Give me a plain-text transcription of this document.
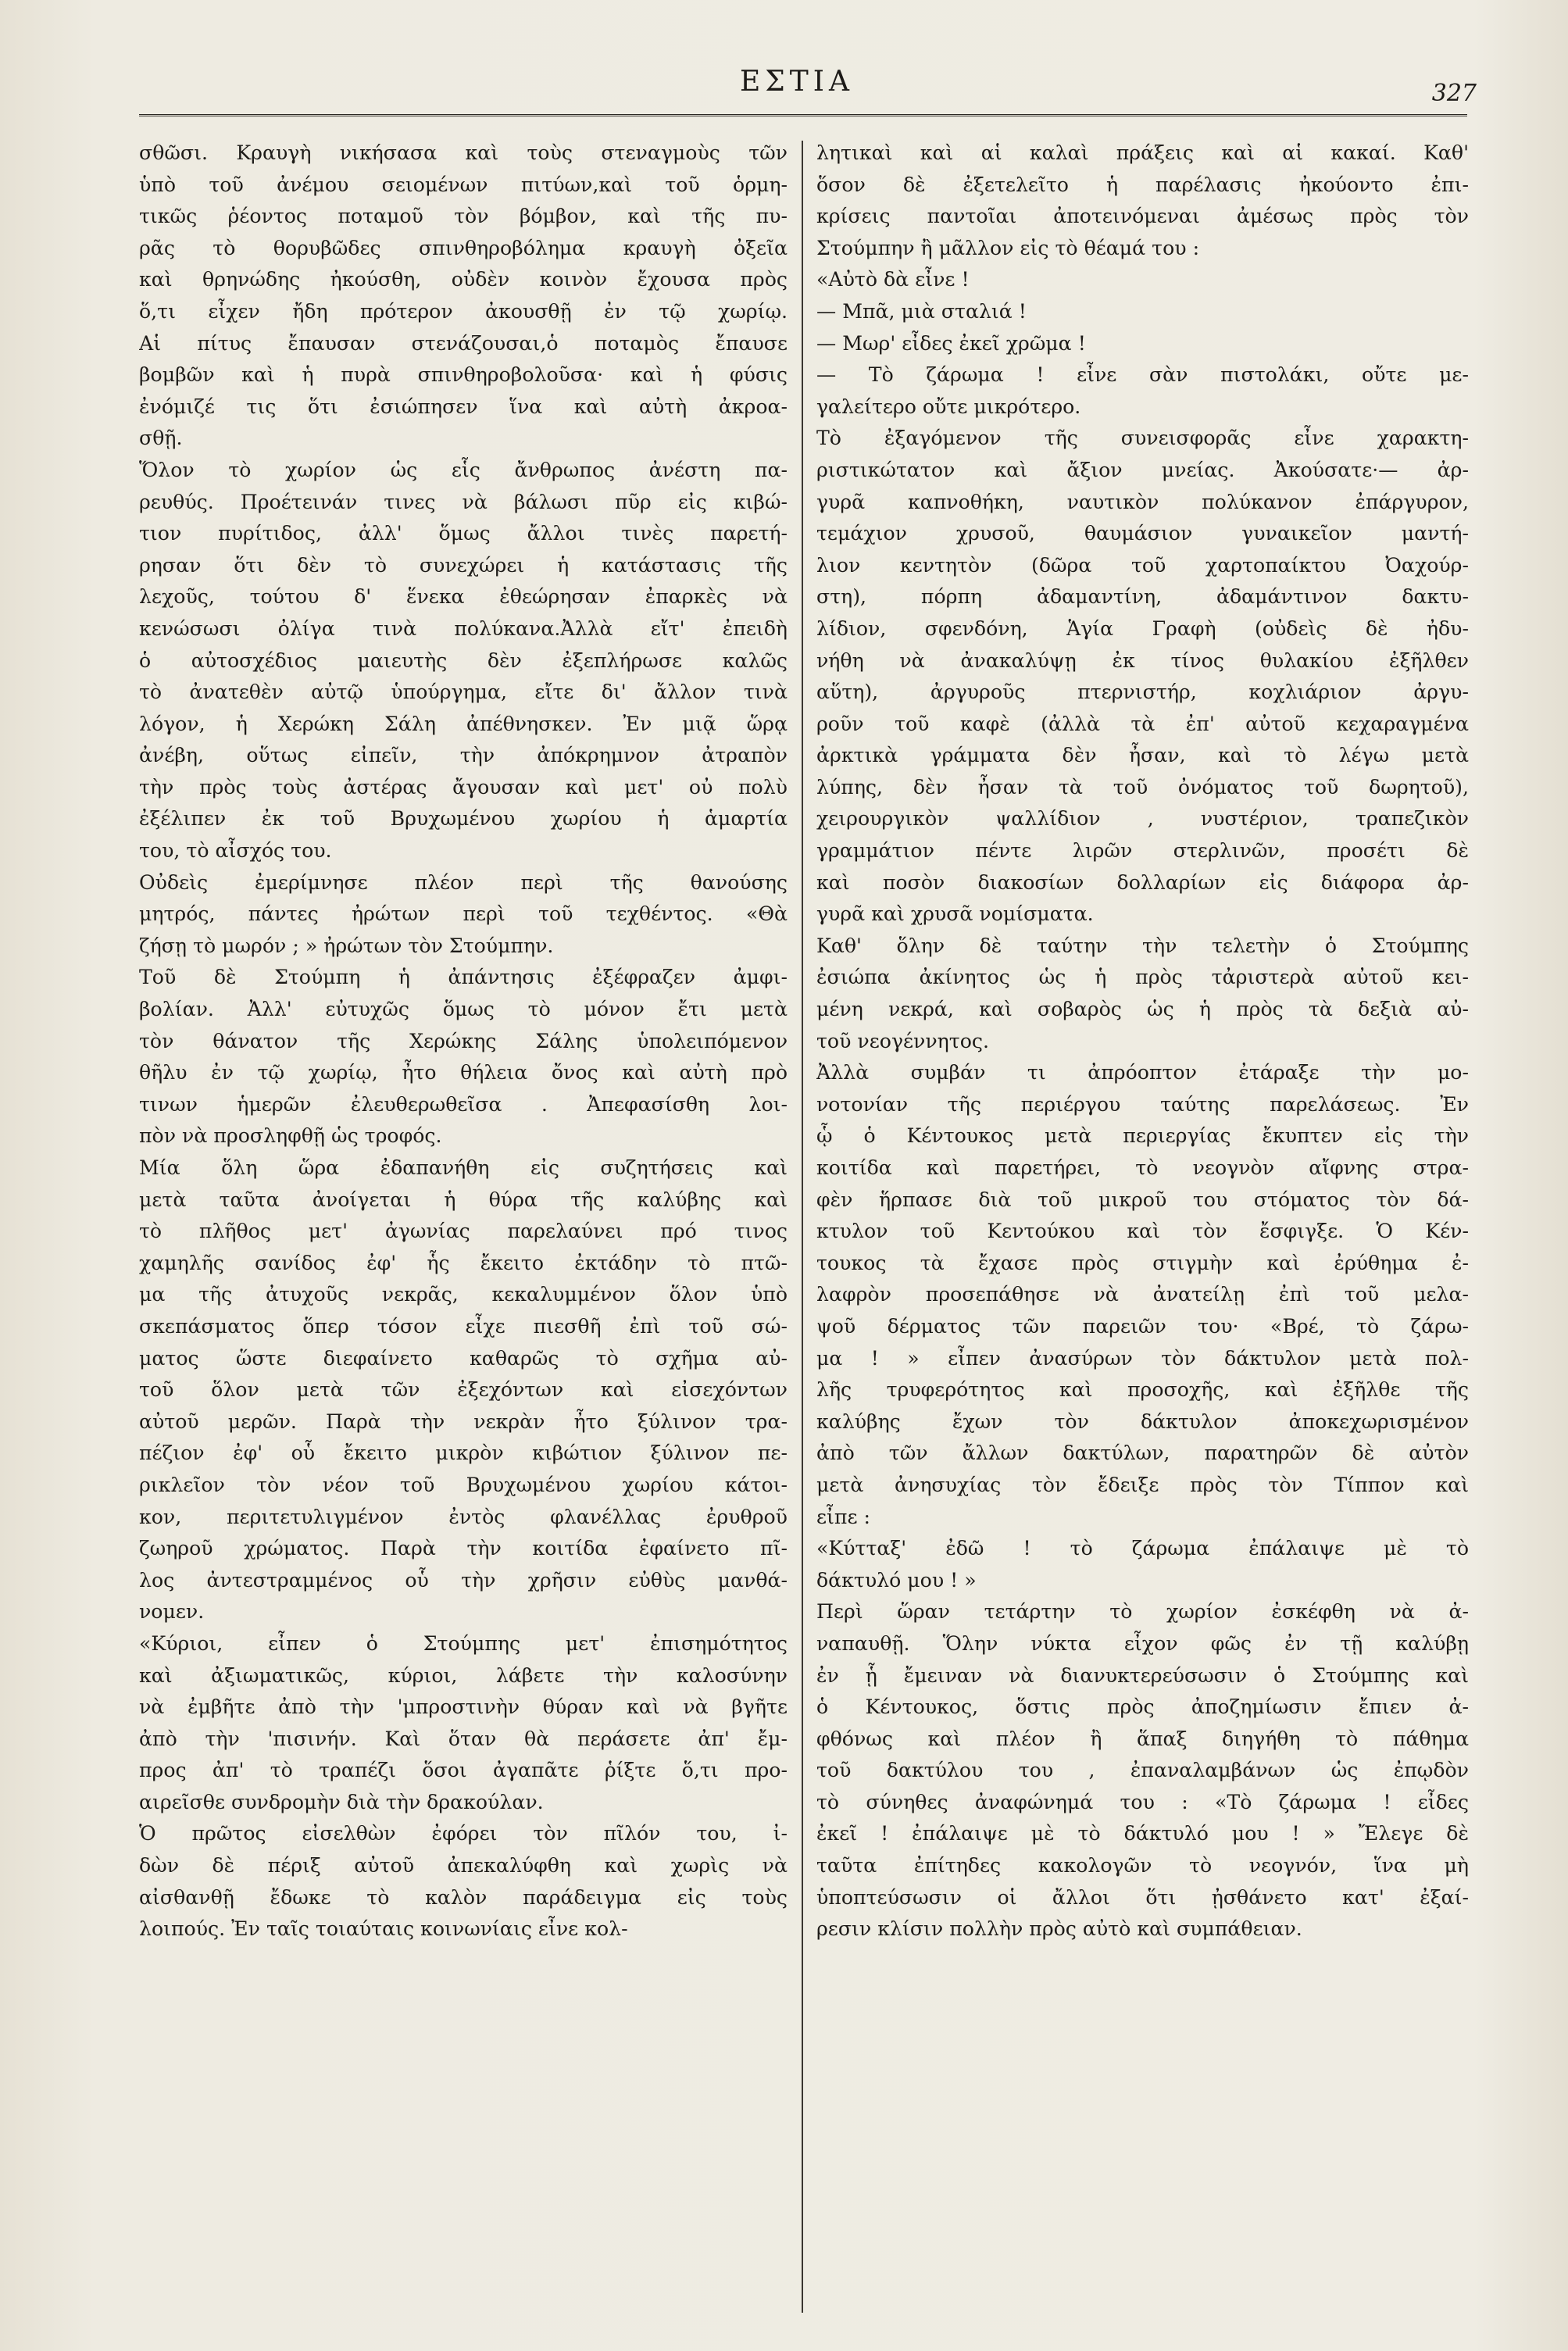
ΕΣΤΙΑ	327
σθῶσι. Κραυγὴ νικήσασα καὶ τοὺς στεναγμοὺς τῶν
ὑπὸ τοῦ ἀνέμου σειομένων πιτύων,καὶ τοῦ ὁρμη-
τικῶς ῥέοντος ποταμοῦ τὸν βόμβον, καὶ τῆς πυ-
ρᾶς τὸ θορυβῶδες σπινθηροβόλημα κραυγὴ ὀξεῖα
καὶ θρηνώδης ἠκούσθη, οὐδὲν κοινὸν ἔχουσα πρὸς
ὅ,τι εἶχεν ἤδη πρότερον ἀκουσθῇ ἐν τῷ χωρίῳ.
Αἱ πίτυς ἔπαυσαν στενάζουσαι,ὁ ποταμὸς ἔπαυσε
βομβῶν καὶ ἡ πυρὰ σπινθηροβολοῦσα· καὶ ἡ φύσις
ἐνόμιζέ τις ὅτι ἐσιώπησεν ἵνα καὶ αὐτὴ ἀκροα-
σθῇ.
Ὅλον τὸ χωρίον ὡς εἷς ἄνθρωπος ἀνέστη πα-
ρευθύς. Προέτεινάν τινες νὰ βάλωσι πῦρ εἰς κιβώ-
τιον πυρίτιδος, ἀλλ' ὅμως ἄλλοι τινὲς παρετή-
ρησαν ὅτι δὲν τὸ συνεχώρει ἡ κατάστασις τῆς
λεχοῦς, τούτου δ' ἕνεκα ἐθεώρησαν ἐπαρκὲς νὰ
κενώσωσι ὀλίγα τινὰ πολύκανα.Ἀλλὰ εἴτ' ἐπειδὴ
ὁ αὐτοσχέδιος μαιευτὴς δὲν ἐξεπλήρωσε καλῶς
τὸ ἀνατεθὲν αὐτῷ ὑπούργημα, εἴτε δι' ἄλλον τινὰ
λόγον, ἡ Χερώκη Σάλη ἀπέθνησκεν. Ἐν μιᾷ ὥρᾳ
ἀνέβη, οὕτως εἰπεῖν, τὴν ἀπόκρημνον ἀτραπὸν
τὴν πρὸς τοὺς ἀστέρας ἄγουσαν καὶ μετ' οὐ πολὺ
ἐξέλιπεν ἐκ τοῦ Βρυχωμένου χωρίου ἡ ἁμαρτία
του, τὸ αἶσχός του.
Οὐδεὶς ἐμερίμνησε πλέον περὶ τῆς θανούσης
μητρός, πάντες ἠρώτων περὶ τοῦ τεχθέντος. «Θὰ
ζήσῃ τὸ μωρόν ; » ἠρώτων τὸν Στούμπην.
Τοῦ δὲ Στούμπη ἡ ἀπάντησις ἐξέφραζεν ἀμφι-
βολίαν. Ἀλλ' εὐτυχῶς ὅμως τὸ μόνον ἔτι μετὰ
τὸν θάνατον τῆς Χερώκης Σάλης ὑπολειπόμενον
θῆλυ ἐν τῷ χωρίῳ, ἦτο θήλεια ὄνος καὶ αὐτὴ πρὸ
τινων ἡμερῶν ἐλευθερωθεῖσα . Ἀπεφασίσθη λοι-
πὸν νὰ προσληφθῇ ὡς τροφός.
Μία ὅλη ὥρα ἐδαπανήθη εἰς συζητήσεις καὶ
μετὰ ταῦτα ἀνοίγεται ἡ θύρα τῆς καλύβης καὶ
τὸ πλῆθος μετ' ἀγωνίας παρελαύνει πρό τινος
χαμηλῆς σανίδος ἐφ' ἧς ἔκειτο ἐκτάδην τὸ πτῶ-
μα τῆς ἀτυχοῦς νεκρᾶς, κεκαλυμμένον ὅλον ὑπὸ
σκεπάσματος ὅπερ τόσον εἶχε πιεσθῆ ἐπὶ τοῦ σώ-
ματος ὥστε διεφαίνετο καθαρῶς τὸ σχῆμα αὐ-
τοῦ ὅλον μετὰ τῶν ἐξεχόντων καὶ εἰσεχόντων
αὐτοῦ μερῶν. Παρὰ τὴν νεκρὰν ἦτο ξύλινον τρα-
πέζιον ἐφ' οὗ ἔκειτο μικρὸν κιβώτιον ξύλινον πε-
ρικλεῖον τὸν νέον τοῦ Βρυχωμένου χωρίου κάτοι-
κον, περιτετυλιγμένον ἐντὸς φλανέλλας ἐρυθροῦ
ζωηροῦ χρώματος. Παρὰ τὴν κοιτίδα ἐφαίνετο πῖ-
λος ἀντεστραμμένος οὗ τὴν χρῆσιν εὐθὺς μανθά-
νομεν.
«Κύριοι, εἶπεν ὁ Στούμπης μετ' ἐπισημότητος
καὶ ἀξιωματικῶς, κύριοι, λάβετε τὴν καλοσύνην
νὰ ἐμβῆτε ἀπὸ τὴν 'μπροστινὴν θύραν καὶ νὰ βγῆτε
ἀπὸ τὴν 'πισινήν. Καὶ ὅταν θὰ περάσετε ἀπ' ἔμ-
προς ἀπ' τὸ τραπέζι ὅσοι ἀγαπᾶτε ῥίξτε ὅ,τι προ-
αιρεῖσθε συνδρομὴν διὰ τὴν δρακούλαν.
Ὁ πρῶτος εἰσελθὼν ἐφόρει τὸν πῖλόν του, ἰ-
δὼν δὲ πέριξ αὐτοῦ ἀπεκαλύφθη καὶ χωρὶς νὰ
αἰσθανθῇ ἔδωκε τὸ καλὸν παράδειγμα εἰς τοὺς
λοιπούς. Ἐν ταῖς τοιαύταις κοινωνίαις εἶνε κολ-
λητικαὶ καὶ αἱ καλαὶ πράξεις καὶ αἱ κακαί. Καθ'
ὅσον δὲ ἐξετελεῖτο ἡ παρέλασις ἠκούοντο ἐπι-
κρίσεις παντοῖαι ἀποτεινόμεναι ἀμέσως πρὸς τὸν
Στούμπην ἢ μᾶλλον εἰς τὸ θέαμά του :
«Αὐτὸ δὰ εἶνε !
— Μπᾶ, μιὰ σταλιά !
— Μωρ' εἶδες ἐκεῖ χρῶμα !
— Τὸ ζάρωμα ! εἶνε σὰν πιστολάκι, οὔτε με-
γαλείτερο οὔτε μικρότερο.
Τὸ ἐξαγόμενον τῆς συνεισφορᾶς εἶνε χαρακτη-
ριστικώτατον καὶ ἄξιον μνείας. Ἀκούσατε·— ἀρ-
γυρᾶ καπνοθήκη, ναυτικὸν πολύκανον ἐπάργυρον,
τεμάχιον χρυσοῦ, θαυμάσιον γυναικεῖον μαντή-
λιον κεντητὸν (δῶρα τοῦ χαρτοπαίκτου Ὀαχούρ-
στη), πόρπη ἀδαμαντίνη, ἀδαμάντινον δακτυ-
λίδιον, σφενδόνη, Ἁγία Γραφὴ (οὐδεὶς δὲ ἠδυ-
νήθη νὰ ἀνακαλύψῃ ἐκ τίνος θυλακίου ἐξῆλθεν
αὕτη), ἀργυροῦς πτερνιστήρ, κοχλιάριον ἀργυ-
ροῦν τοῦ καφὲ (ἀλλὰ τὰ ἐπ' αὐτοῦ κεχαραγμένα
ἀρκτικὰ γράμματα δὲν ἦσαν, καὶ τὸ λέγω μετὰ
λύπης, δὲν ἦσαν τὰ τοῦ ὀνόματος τοῦ δωρητοῦ),
χειρουργικὸν ψαλλίδιον , νυστέριον, τραπεζικὸν
γραμμάτιον πέντε λιρῶν στερλινῶν, προσέτι δὲ
καὶ ποσὸν διακοσίων δολλαρίων εἰς διάφορα ἀρ-
γυρᾶ καὶ χρυσᾶ νομίσματα.
Καθ' ὅλην δὲ ταύτην τὴν τελετὴν ὁ Στούμπης
ἐσιώπα ἀκίνητος ὡς ἡ πρὸς τἀριστερὰ αὐτοῦ κει-
μένη νεκρά, καὶ σοβαρὸς ὡς ἡ πρὸς τὰ δεξιὰ αὐ-
τοῦ νεογέννητος.
Ἀλλὰ συμβάν τι ἀπρόοπτον ἐτάραξε τὴν μο-
νοτονίαν τῆς περιέργου ταύτης παρελάσεως. Ἐν
ᾧ ὁ Κέντουκος μετὰ περιεργίας ἔκυπτεν εἰς τὴν
κοιτίδα καὶ παρετήρει, τὸ νεογνὸν αἴφνης στρα-
φὲν ἥρπασε διὰ τοῦ μικροῦ του στόματος τὸν δά-
κτυλον τοῦ Κεντούκου καὶ τὸν ἔσφιγξε. Ὁ Κέν-
τουκος τὰ ἔχασε πρὸς στιγμὴν καὶ ἐρύθημα ἐ-
λαφρὸν προσεπάθησε νὰ ἀνατείλῃ ἐπὶ τοῦ μελα-
ψοῦ δέρματος τῶν παρειῶν του· «Βρέ, τὸ ζάρω-
μα ! » εἶπεν ἀνασύρων τὸν δάκτυλον μετὰ πολ-
λῆς τρυφερότητος καὶ προσοχῆς, καὶ ἐξῆλθε τῆς
καλύβης ἔχων τὸν δάκτυλον ἀποκεχωρισμένον
ἀπὸ τῶν ἄλλων δακτύλων, παρατηρῶν δὲ αὐτὸν
μετὰ ἀνησυχίας τὸν ἔδειξε πρὸς τὸν Τίππον καὶ
εἶπε :
«Κύτταξ' ἐδῶ ! τὸ ζάρωμα ἐπάλαιψε μὲ τὸ
δάκτυλό μου ! »
Περὶ ὥραν τετάρτην τὸ χωρίον ἐσκέφθη νὰ ἀ-
ναπαυθῇ. Ὅλην νύκτα εἶχον φῶς ἐν τῇ καλύβῃ
ἐν ᾗ ἔμειναν νὰ διανυκτερεύσωσιν ὁ Στούμπης καὶ
ὁ Κέντουκος, ὅστις πρὸς ἀποζημίωσιν ἔπιεν ἀ-
φθόνως καὶ πλέον ἢ ἅπαξ διηγήθη τὸ πάθημα
τοῦ δακτύλου του , ἐπαναλαμβάνων ὡς ἐπῳδὸν
τὸ σύνηθες ἀναφώνημά του : «Τὸ ζάρωμα ! εἶδες
ἐκεῖ ! ἐπάλαιψε μὲ τὸ δάκτυλό μου ! » Ἔλεγε δὲ
ταῦτα ἐπίτηδες κακολογῶν τὸ νεογνόν, ἵνα μὴ
ὑποπτεύσωσιν οἱ ἄλλοι ὅτι ᾐσθάνετο κατ' ἐξαί-
ρεσιν κλίσιν πολλὴν πρὸς αὐτὸ καὶ συμπάθειαν.
